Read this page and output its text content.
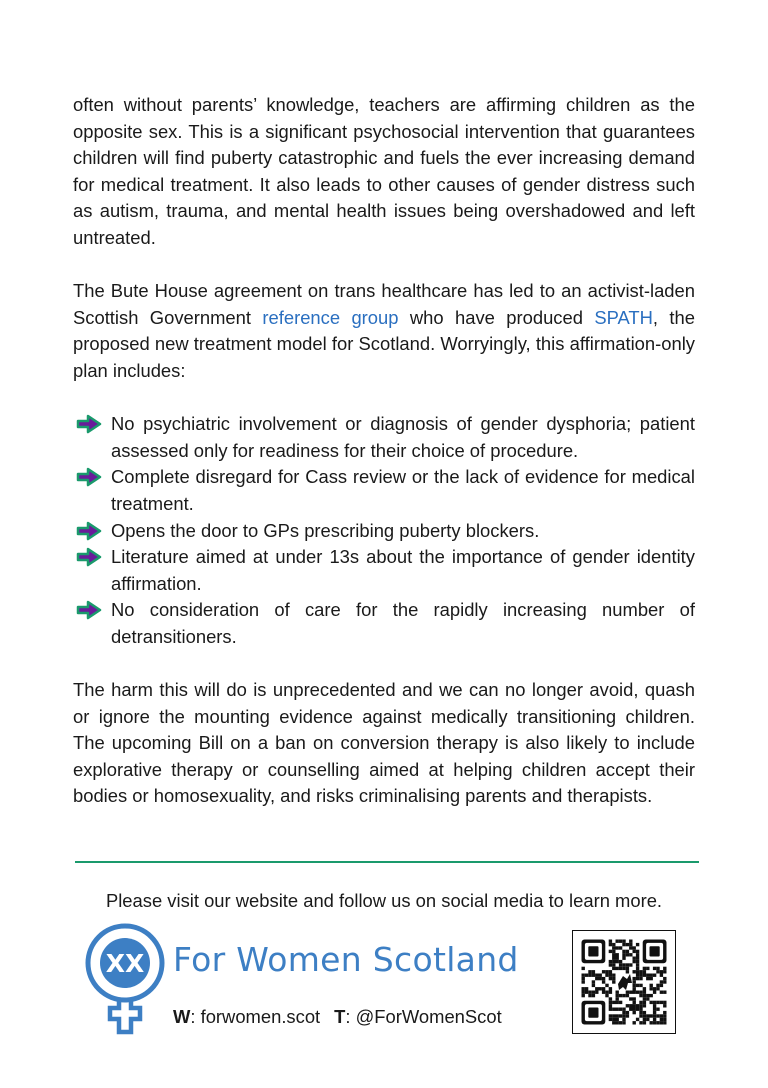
often without parents’ knowledge, teachers are affirming children as the opposite sex. This is a significant psychosocial intervention that guarantees children will find puberty catastrophic and fuels the ever increasing demand for medical treatment. It also leads to other causes of gender distress such as autism, trauma, and mental health issues being overshadowed and left untreated.

The Bute House agreement on trans healthcare has led to an activist-laden Scottish Government reference group who have produced SPATH, the proposed new treatment model for Scotland. Worryingly, this affirmation-only plan includes:

No psychiatric involvement or diagnosis of gender dysphoria; patient assessed only for readiness for their choice of procedure.
Complete disregard for Cass review or the lack of evidence for medical treatment.
Opens the door to GPs prescribing puberty blockers.
Literature aimed at under 13s about the importance of gender identity affirmation.
No consideration of care for the rapidly increasing number of detransitioners.

The harm this will do is unprecedented and we can no longer avoid, quash or ignore the mounting evidence against medically transitioning children. The upcoming Bill on a ban on conversion therapy is also likely to include explorative therapy or counselling aimed at helping children accept their bodies or homosexuality, and risks criminalising parents and therapists.

Please visit our website and follow us on social media to learn more.
XX For Women Scotland
W: forwomen.scot T: @ForWomenScot
